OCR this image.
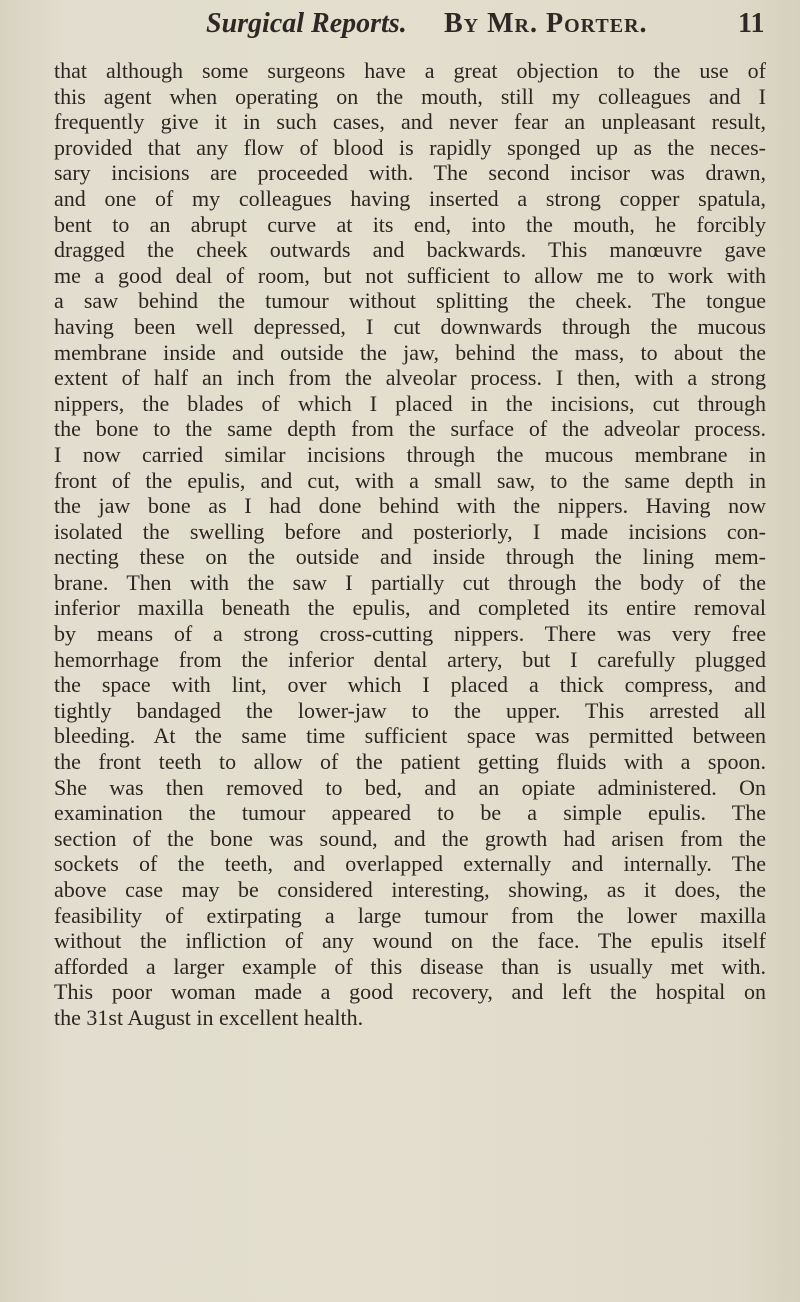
Surgical Reports. By Mr. Porter.	11
that although some surgeons have a great objection to the use of
this agent when operating on the mouth, still my colleagues and I
frequently give it in such cases, and never fear an unpleasant result,
provided that any flow of blood is rapidly sponged up as the neces-
sary incisions are proceeded with. The second incisor was drawn,
and one of my colleagues having inserted a strong copper spatula,
bent to an abrupt curve at its end, into the mouth, he forcibly
dragged the cheek outwards and backwards. This manœuvre gave
me a good deal of room, but not sufficient to allow me to work with
a saw behind the tumour without splitting the cheek. The tongue
having been well depressed, I cut downwards through the mucous
membrane inside and outside the jaw, behind the mass, to about the
extent of half an inch from the alveolar process. I then, with a strong
nippers, the blades of which I placed in the incisions, cut through
the bone to the same depth from the surface of the adveolar process.
I now carried similar incisions through the mucous membrane in
front of the epulis, and cut, with a small saw, to the same depth in
the jaw bone as I had done behind with the nippers. Having now
isolated the swelling before and posteriorly, I made incisions con-
necting these on the outside and inside through the lining mem-
brane. Then with the saw I partially cut through the body of the
inferior maxilla beneath the epulis, and completed its entire removal
by means of a strong cross-cutting nippers. There was very free
hemorrhage from the inferior dental artery, but I carefully plugged
the space with lint, over which I placed a thick compress, and
tightly bandaged the lower-jaw to the upper. This arrested all
bleeding. At the same time sufficient space was permitted between
the front teeth to allow of the patient getting fluids with a spoon.
She was then removed to bed, and an opiate administered. On
examination the tumour appeared to be a simple epulis. The
section of the bone was sound, and the growth had arisen from the
sockets of the teeth, and overlapped externally and internally. The
above case may be considered interesting, showing, as it does, the
feasibility of extirpating a large tumour from the lower maxilla
without the infliction of any wound on the face. The epulis itself
afforded a larger example of this disease than is usually met with.
This poor woman made a good recovery, and left the hospital on
the 31st August in excellent health.
